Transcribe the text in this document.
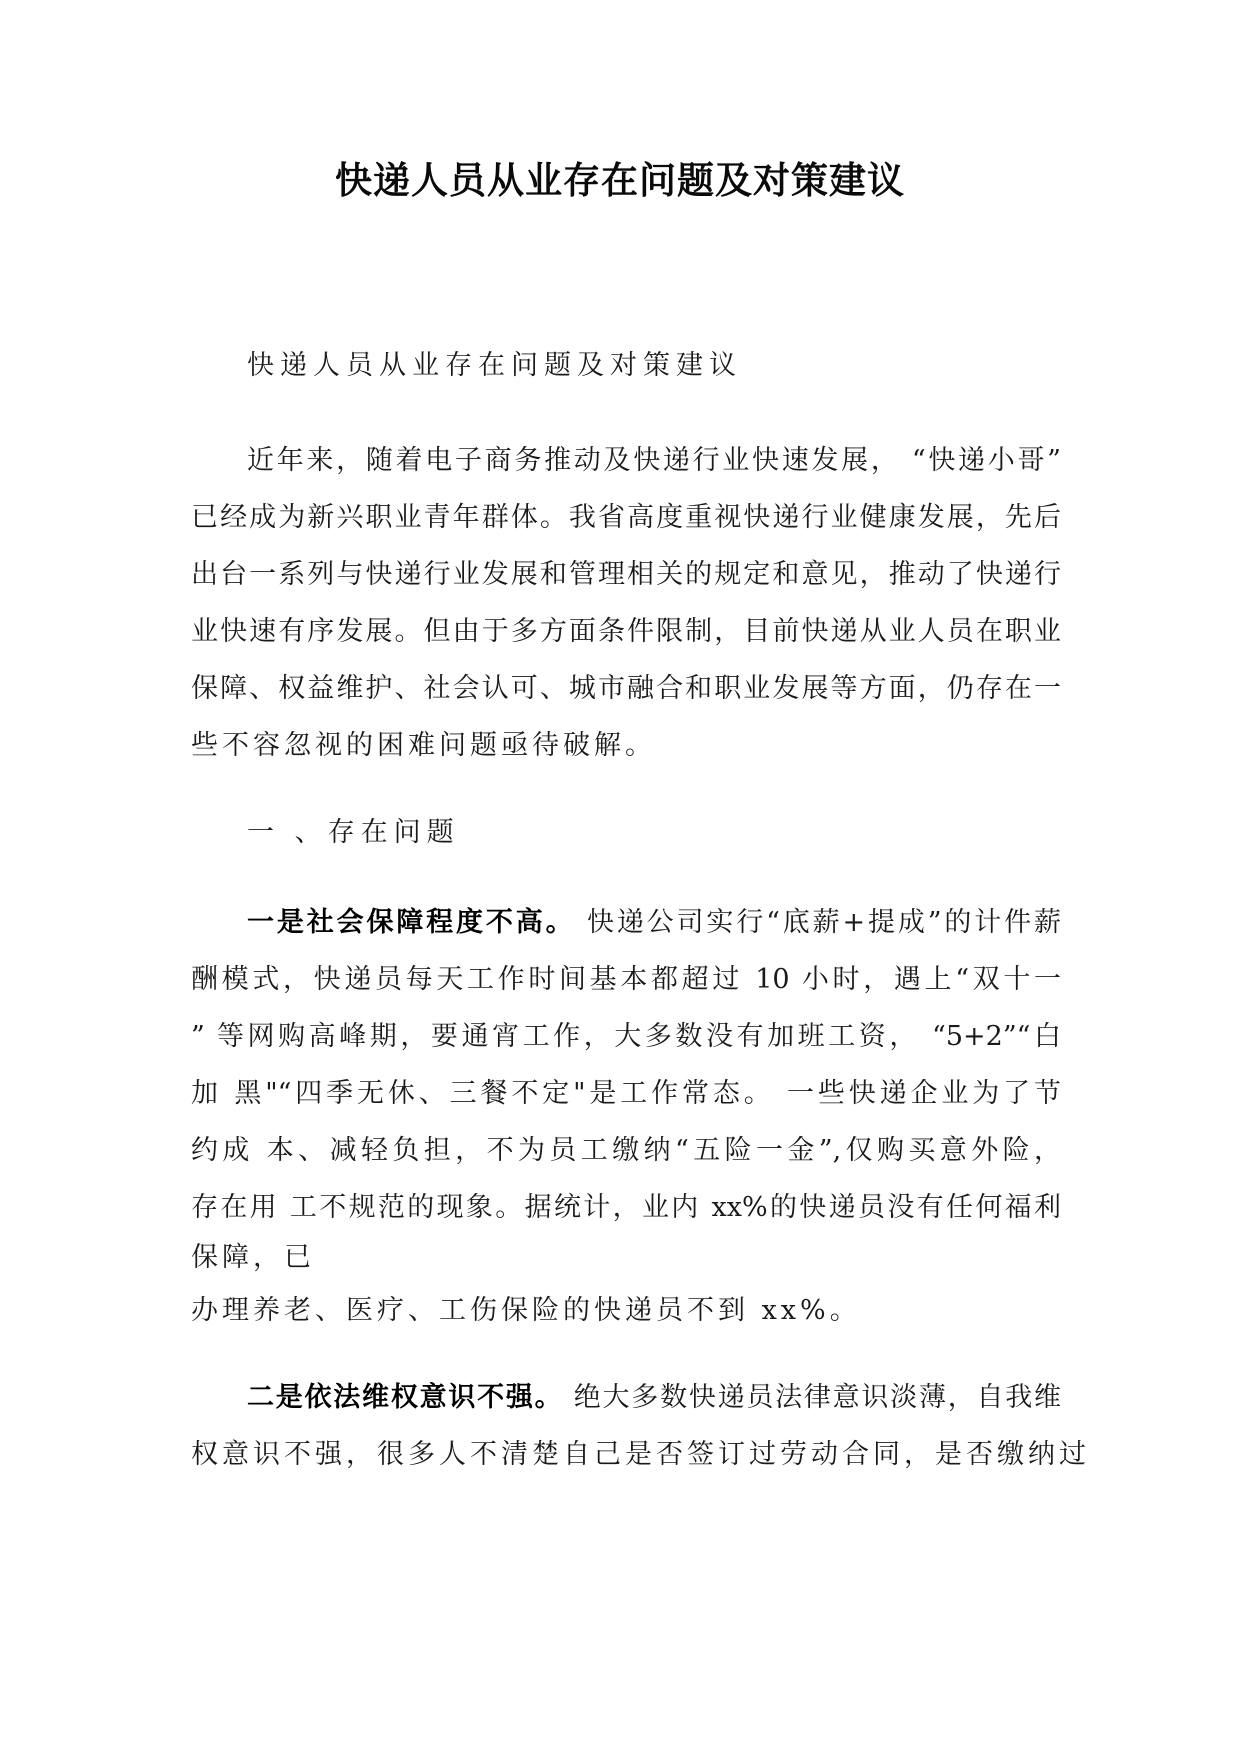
快递人员从业存在问题及对策建议
快递人员从业存在问题及对策建议
近年来，随着电子商务推动及快递行业快速发展， “快递小哥”
已经成为新兴职业青年群体。我省高度重视快递行业健康发展，先后
出台一系列与快递行业发展和管理相关的规定和意见，推动了快递行
业快速有序发展。但由于多方面条件限制，目前快递从业人员在职业
保障、权益维护、社会认可、城市融合和职业发展等方面，仍存在一
些不容忽视的困难问题亟待破解。
一 、存在问题
一是社会保障程度不高。 快递公司实行“底薪+提成”的计件薪
酬模式，快递员每天工作时间基本都超过 10 小时，遇上“双十一
” 等网购高峰期，要通宵工作，大多数没有加班工资， “5+2”“白
加 黑"“四季无休、三餐不定"是工作常态。 一些快递企业为了节
约成 本、减轻负担，不为员工缴纳“五险一金”,仅购买意外险，
存在用 工不规范的现象。据统计，业内 xx%的快递员没有任何福利
保障，已
办理养老、医疗、工伤保险的快递员不到 xx%。
二是依法维权意识不强。 绝大多数快递员法律意识淡薄，自我维
权意识不强，很多人不清楚自己是否签订过劳动合同，是否缴纳过
